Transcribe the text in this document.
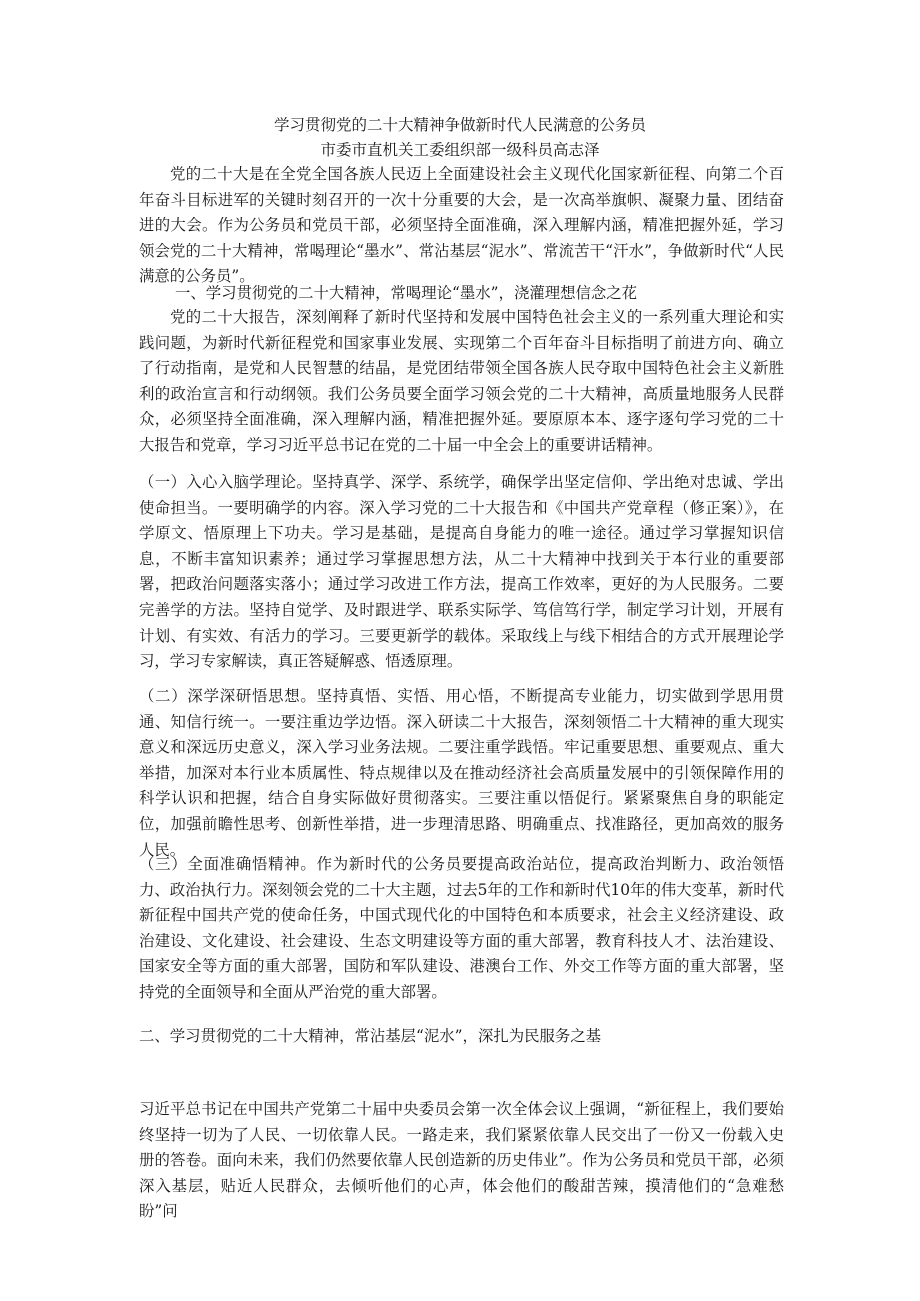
学习贯彻党的二十大精神争做新时代人民满意的公务员
市委市直机关工委组织部一级科员高志泽
党的二十大是在全党全国各族人民迈上全面建设社会主义现代化国家新征程、向第二个百年奋斗目标进军的关键时刻召开的一次十分重要的大会，是一次高举旗帜、凝聚力量、团结奋进的大会。作为公务员和党员干部，必须坚持全面准确，深入理解内涵，精准把握外延，学习领会党的二十大精神，常喝理论“墨水”、常沾基层“泥水”、常流苦干“汗水”，争做新时代“人民满意的公务员”。
一、学习贯彻党的二十大精神，常喝理论“墨水”，浇灌理想信念之花
党的二十大报告，深刻阐释了新时代坚持和发展中国特色社会主义的一系列重大理论和实践问题，为新时代新征程党和国家事业发展、实现第二个百年奋斗目标指明了前进方向、确立了行动指南，是党和人民智慧的结晶，是党团结带领全国各族人民夺取中国特色社会主义新胜利的政治宣言和行动纲领。我们公务员要全面学习领会党的二十大精神，高质量地服务人民群众，必须坚持全面准确，深入理解内涵，精准把握外延。要原原本本、逐字逐句学习党的二十大报告和党章，学习习近平总书记在党的二十届一中全会上的重要讲话精神。
（一）入心入脑学理论。坚持真学、深学、系统学，确保学出坚定信仰、学出绝对忠诚、学出使命担当。一要明确学的内容。深入学习党的二十大报告和《中国共产党章程（修正案）》，在学原文、悟原理上下功夫。学习是基础，是提高自身能力的唯一途径。通过学习掌握知识信息，不断丰富知识素养；通过学习掌握思想方法，从二十大精神中找到关于本行业的重要部署，把政治问题落实落小；通过学习改进工作方法，提高工作效率，更好的为人民服务。二要完善学的方法。坚持自觉学、及时跟进学、联系实际学、笃信笃行学，制定学习计划，开展有计划、有实效、有活力的学习。三要更新学的载体。采取线上与线下相结合的方式开展理论学习，学习专家解读，真正答疑解惑、悟透原理。
（二）深学深研悟思想。坚持真悟、实悟、用心悟，不断提高专业能力，切实做到学思用贯通、知信行统一。一要注重边学边悟。深入研读二十大报告，深刻领悟二十大精神的重大现实意义和深远历史意义，深入学习业务法规。二要注重学践悟。牢记重要思想、重要观点、重大举措，加深对本行业本质属性、特点规律以及在推动经济社会高质量发展中的引领保障作用的科学认识和把握，结合自身实际做好贯彻落实。三要注重以悟促行。紧紧聚焦自身的职能定位，加强前瞻性思考、创新性举措，进一步理清思路、明确重点、找准路径，更加高效的服务人民。
（三）全面准确悟精神。作为新时代的公务员要提高政治站位，提高政治判断力、政治领悟力、政治执行力。深刻领会党的二十大主题，过去5年的工作和新时代10年的伟大变革，新时代新征程中国共产党的使命任务，中国式现代化的中国特色和本质要求，社会主义经济建设、政治建设、文化建设、社会建设、生态文明建设等方面的重大部署，教育科技人才、法治建设、国家安全等方面的重大部署，国防和军队建设、港澳台工作、外交工作等方面的重大部署，坚持党的全面领导和全面从严治党的重大部署。
二、学习贯彻党的二十大精神，常沾基层“泥水”，深扎为民服务之基
习近平总书记在中国共产党第二十届中央委员会第一次全体会议上强调，“新征程上，我们要始终坚持一切为了人民、一切依靠人民。一路走来，我们紧紧依靠人民交出了一份又一份载入史册的答卷。面向未来，我们仍然要依靠人民创造新的历史伟业”。作为公务员和党员干部，必须深入基层，贴近人民群众，去倾听他们的心声，体会他们的酸甜苦辣，摸清他们的“急难愁盼”问
